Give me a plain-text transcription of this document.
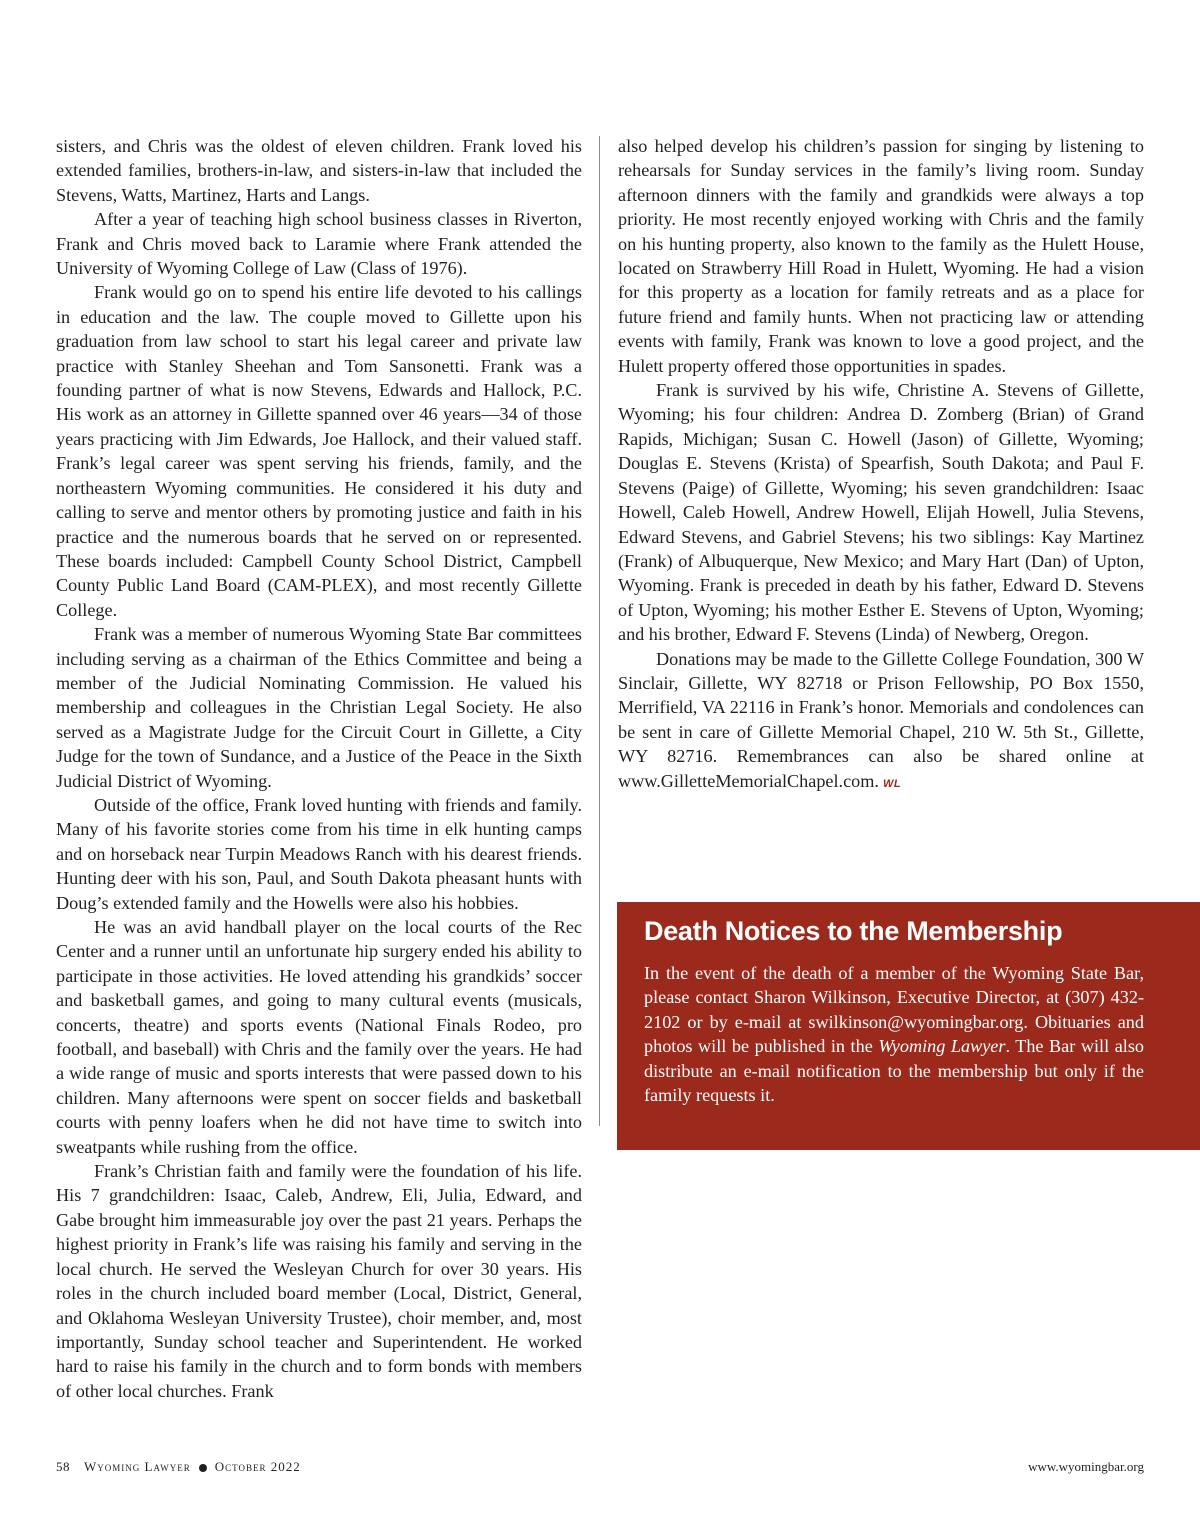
sisters, and Chris was the oldest of eleven children. Frank loved his extended families, brothers-in-law, and sisters-in-law that included the Stevens, Watts, Martinez, Harts and Langs.

After a year of teaching high school business classes in Riverton, Frank and Chris moved back to Laramie where Frank attended the University of Wyoming College of Law (Class of 1976).

Frank would go on to spend his entire life devoted to his callings in education and the law. The couple moved to Gillette upon his graduation from law school to start his legal career and private law practice with Stanley Sheehan and Tom Sansonetti. Frank was a founding partner of what is now Stevens, Edwards and Hallock, P.C. His work as an attorney in Gillette spanned over 46 years—34 of those years practicing with Jim Edwards, Joe Hallock, and their valued staff. Frank’s legal career was spent serving his friends, family, and the northeastern Wyoming communities. He considered it his duty and calling to serve and mentor others by promoting justice and faith in his practice and the numerous boards that he served on or represented. These boards included: Campbell County School District, Campbell County Public Land Board (CAM-PLEX), and most recently Gillette College.

Frank was a member of numerous Wyoming State Bar committees including serving as a chairman of the Ethics Committee and being a member of the Judicial Nominating Commission. He valued his membership and colleagues in the Christian Legal Society. He also served as a Magistrate Judge for the Circuit Court in Gillette, a City Judge for the town of Sundance, and a Justice of the Peace in the Sixth Judicial District of Wyoming.

Outside of the office, Frank loved hunting with friends and family. Many of his favorite stories come from his time in elk hunting camps and on horseback near Turpin Meadows Ranch with his dearest friends. Hunting deer with his son, Paul, and South Dakota pheasant hunts with Doug’s extended family and the Howells were also his hobbies.

He was an avid handball player on the local courts of the Rec Center and a runner until an unfortunate hip surgery ended his ability to participate in those activities. He loved attending his grandkids’ soccer and basketball games, and going to many cultural events (musicals, concerts, theatre) and sports events (National Finals Rodeo, pro football, and baseball) with Chris and the family over the years. He had a wide range of music and sports interests that were passed down to his children. Many afternoons were spent on soccer fields and basketball courts with penny loafers when he did not have time to switch into sweatpants while rushing from the office.

Frank’s Christian faith and family were the foundation of his life. His 7 grandchildren: Isaac, Caleb, Andrew, Eli, Julia, Edward, and Gabe brought him immeasurable joy over the past 21 years. Perhaps the highest priority in Frank’s life was raising his family and serving in the local church. He served the Wesleyan Church for over 30 years. His roles in the church included board member (Local, District, General, and Oklahoma Wesleyan University Trustee), choir member, and, most importantly, Sunday school teacher and Superintendent. He worked hard to raise his family in the church and to form bonds with members of other local churches. Frank

also helped develop his children’s passion for singing by listening to rehearsals for Sunday services in the family’s living room. Sunday afternoon dinners with the family and grandkids were always a top priority. He most recently enjoyed working with Chris and the family on his hunting property, also known to the family as the Hulett House, located on Strawberry Hill Road in Hulett, Wyoming. He had a vision for this property as a location for family retreats and as a place for future friend and family hunts. When not practicing law or attending events with family, Frank was known to love a good project, and the Hulett property offered those opportunities in spades.

Frank is survived by his wife, Christine A. Stevens of Gillette, Wyoming; his four children: Andrea D. Zomberg (Brian) of Grand Rapids, Michigan; Susan C. Howell (Jason) of Gillette, Wyoming; Douglas E. Stevens (Krista) of Spearfish, South Dakota; and Paul F. Stevens (Paige) of Gillette, Wyoming; his seven grandchildren: Isaac Howell, Caleb Howell, Andrew Howell, Elijah Howell, Julia Stevens, Edward Stevens, and Gabriel Stevens; his two siblings: Kay Martinez (Frank) of Albuquerque, New Mexico; and Mary Hart (Dan) of Upton, Wyoming. Frank is preceded in death by his father, Edward D. Stevens of Upton, Wyoming; his mother Esther E. Stevens of Upton, Wyoming; and his brother, Edward F. Stevens (Linda) of Newberg, Oregon.

Donations may be made to the Gillette College Foundation, 300 W Sinclair, Gillette, WY 82718 or Prison Fellowship, PO Box 1550, Merrifield, VA 22116 in Frank’s honor. Memorials and condolences can be sent in care of Gillette Memorial Chapel, 210 W. 5th St., Gillette, WY 82716. Remembrances can also be shared online at www.GilletteMemorialChapel.com. WL

Death Notices to the Membership

In the event of the death of a member of the Wyoming State Bar, please contact Sharon Wilkinson, Executive Director, at (307) 432-2102 or by e-mail at swilkinson@wyomingbar.org. Obituaries and photos will be published in the Wyoming Lawyer. The Bar will also distribute an e-mail notification to the membership but only if the family requests it.

58 Wyoming Lawyer October 2022	www.wyomingbar.org
